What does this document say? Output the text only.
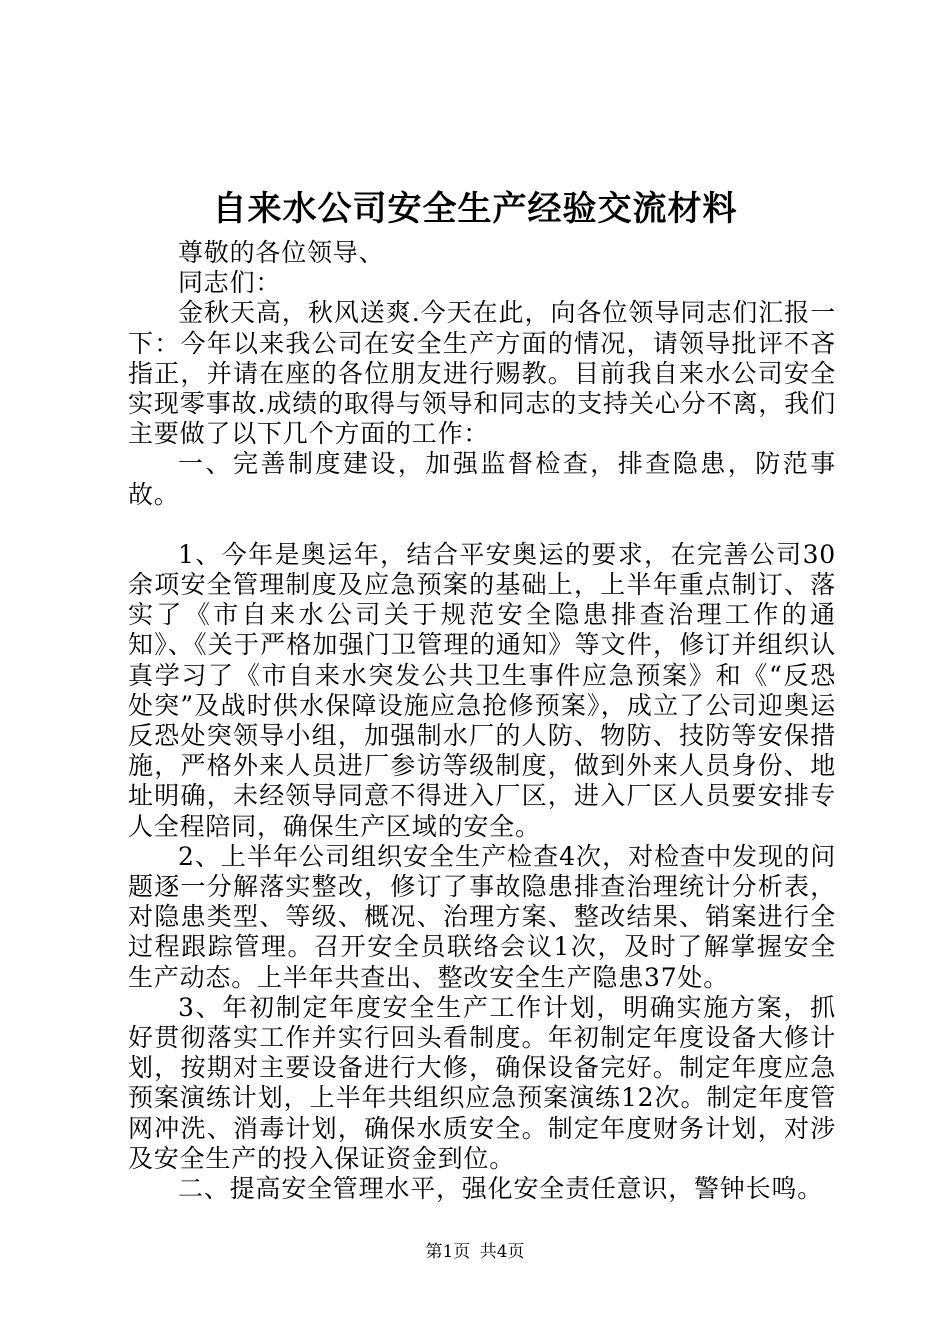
自来水公司安全生产经验交流材料

尊敬的各位领导、

同志们：

金秋天高，秋风送爽.今天在此，向各位领导同志们汇报一下：今年以来我公司在安全生产方面的情况，请领导批评不吝指正，并请在座的各位朋友进行赐教。目前我自来水公司安全实现零事故.成绩的取得与领导和同志的支持关心分不离，我们主要做了以下几个方面的工作：

一、完善制度建设，加强监督检查，排查隐患，防范事故。

1、今年是奥运年，结合平安奥运的要求，在完善公司30余项安全管理制度及应急预案的基础上，上半年重点制订、落实了《市自来水公司关于规范安全隐患排查治理工作的通知》、《关于严格加强门卫管理的通知》等文件，修订并组织认真学习了《市自来水突发公共卫生事件应急预案》和《“反恐处突”及战时供水保障设施应急抢修预案》，成立了公司迎奥运反恐处突领导小组，加强制水厂的人防、物防、技防等安保措施，严格外来人员进厂参访等级制度，做到外来人员身份、地址明确，未经领导同意不得进入厂区，进入厂区人员要安排专人全程陪同，确保生产区域的安全。

2、上半年公司组织安全生产检查4次，对检查中发现的问题逐一分解落实整改，修订了事故隐患排查治理统计分析表，对隐患类型、等级、概况、治理方案、整改结果、销案进行全过程跟踪管理。召开安全员联络会议1次，及时了解掌握安全生产动态。上半年共查出、整改安全生产隐患37处。

3、年初制定年度安全生产工作计划，明确实施方案，抓好贯彻落实工作并实行回头看制度。年初制定年度设备大修计划，按期对主要设备进行大修，确保设备完好。制定年度应急预案演练计划，上半年共组织应急预案演练12次。制定年度管网冲洗、消毒计划，确保水质安全。制定年度财务计划，对涉及安全生产的投入保证资金到位。

二、提高安全管理水平，强化安全责任意识，警钟长鸣。

第1页 共4页
